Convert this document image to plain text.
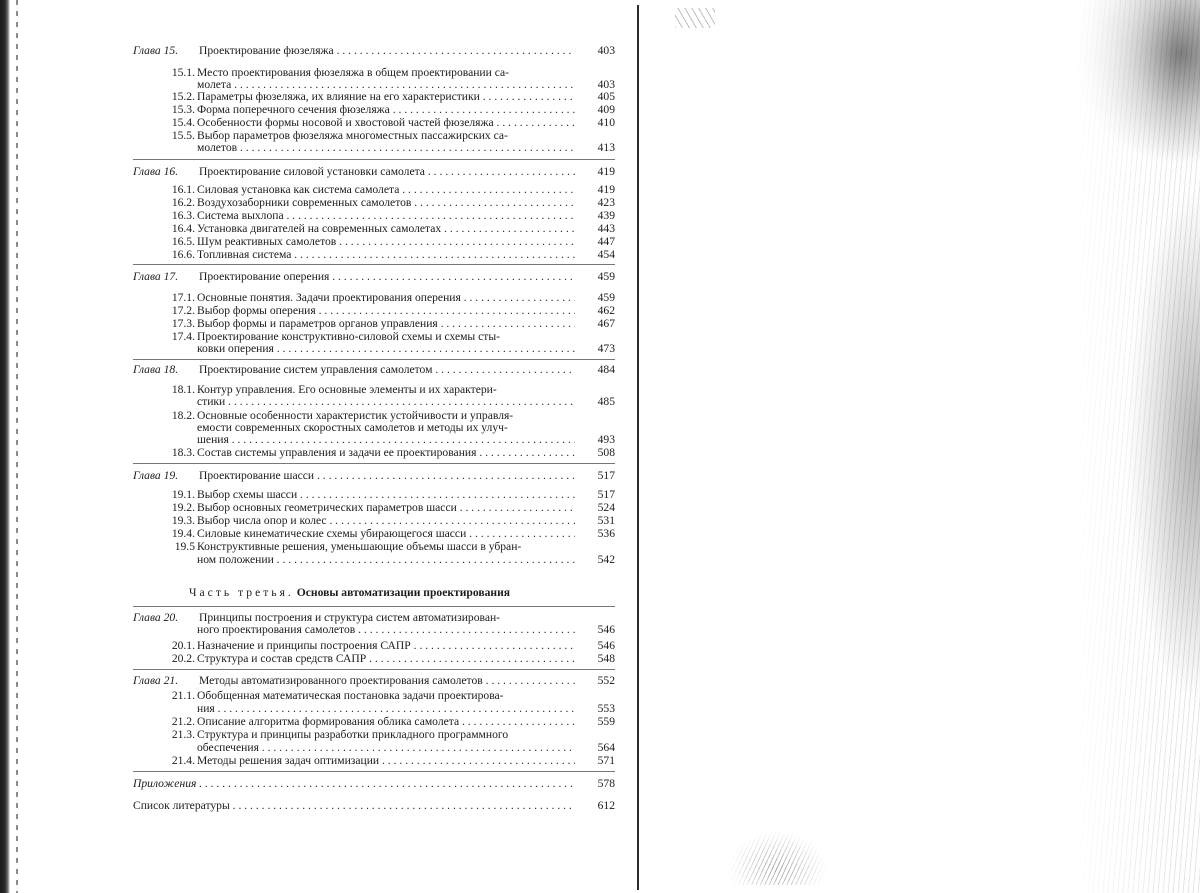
Глава 15. Проектирование фюзеляжа . . .	403
15.1. Место проектирования фюзеляжа в общем проектировании са-
молета . . .	403
15.2. Параметры фюзеляжа, их влияние на его характеристики . . .	405
15.3. Форма поперечного сечения фюзеляжа . . .	409
15.4. Особенности формы носовой и хвостовой частей фюзеляжа . . .	410
15.5. Выбор параметров фюзеляжа многоместных пассажирских са-
молетов . . .	413
Глава 16. Проектирование силовой установки самолета . . .	419
16.1. Силовая установка как система самолета . . .	419
16.2. Воздухозаборники современных самолетов . . .	423
16.3. Система выхлопа . . .	439
16.4. Установка двигателей на современных самолетах . . .	443
16.5. Шум реактивных самолетов . . .	447
16.6. Топливная система . . .	454
Глава 17. Проектирование оперения . . .	459
17.1. Основные понятия. Задачи проектирования оперения . . .	459
17.2. Выбор формы оперения . . .	462
17.3. Выбор формы и параметров органов управления . . .	467
17.4. Проектирование конструктивно-силовой схемы и схемы сты-
ковки оперения . . .	473
Глава 18. Проектирование систем управления самолетом . . .	484
18.1. Контур управления. Его основные элементы и их характери-
стики . . .	485
18.2. Основные особенности характеристик устойчивости и управля-
емости современных скоростных самолетов и методы их улуч-
шения . . .	493
18.3. Состав системы управления и задачи ее проектирования . . .	508
Глава 19. Проектирование шасси . . .	517
19.1. Выбор схемы шасси . . .	517
19.2. Выбор основных геометрических параметров шасси . . .	524
19.3. Выбор числа опор и колес . . .	531
19.4. Силовые кинематические схемы убирающегося шасси . . .	536
19.5 Конструктивные решения, уменьшающие объемы шасси в убран-
ном положении . . .	542
Часть третья. Основы автоматизации проектирования
Глава 20. Принципы построения и структура систем автоматизирован-
ного проектирования самолетов . . .	546
20.1. Назначение и принципы построения САПР . . .	546
20.2. Структура и состав средств САПР . . .	548
Глава 21. Методы автоматизированного проектирования самолетов . . .	552
21.1. Обобщенная математическая постановка задачи проектирова-
ния . . .	553
21.2. Описание алгоритма формирования облика самолета . . .	559
21.3. Структура и принципы разработки прикладного программного
обеспечения . . .	564
21.4. Методы решения задач оптимизации . . .	571
Приложения . . .	578
Список литературы . . .	612
